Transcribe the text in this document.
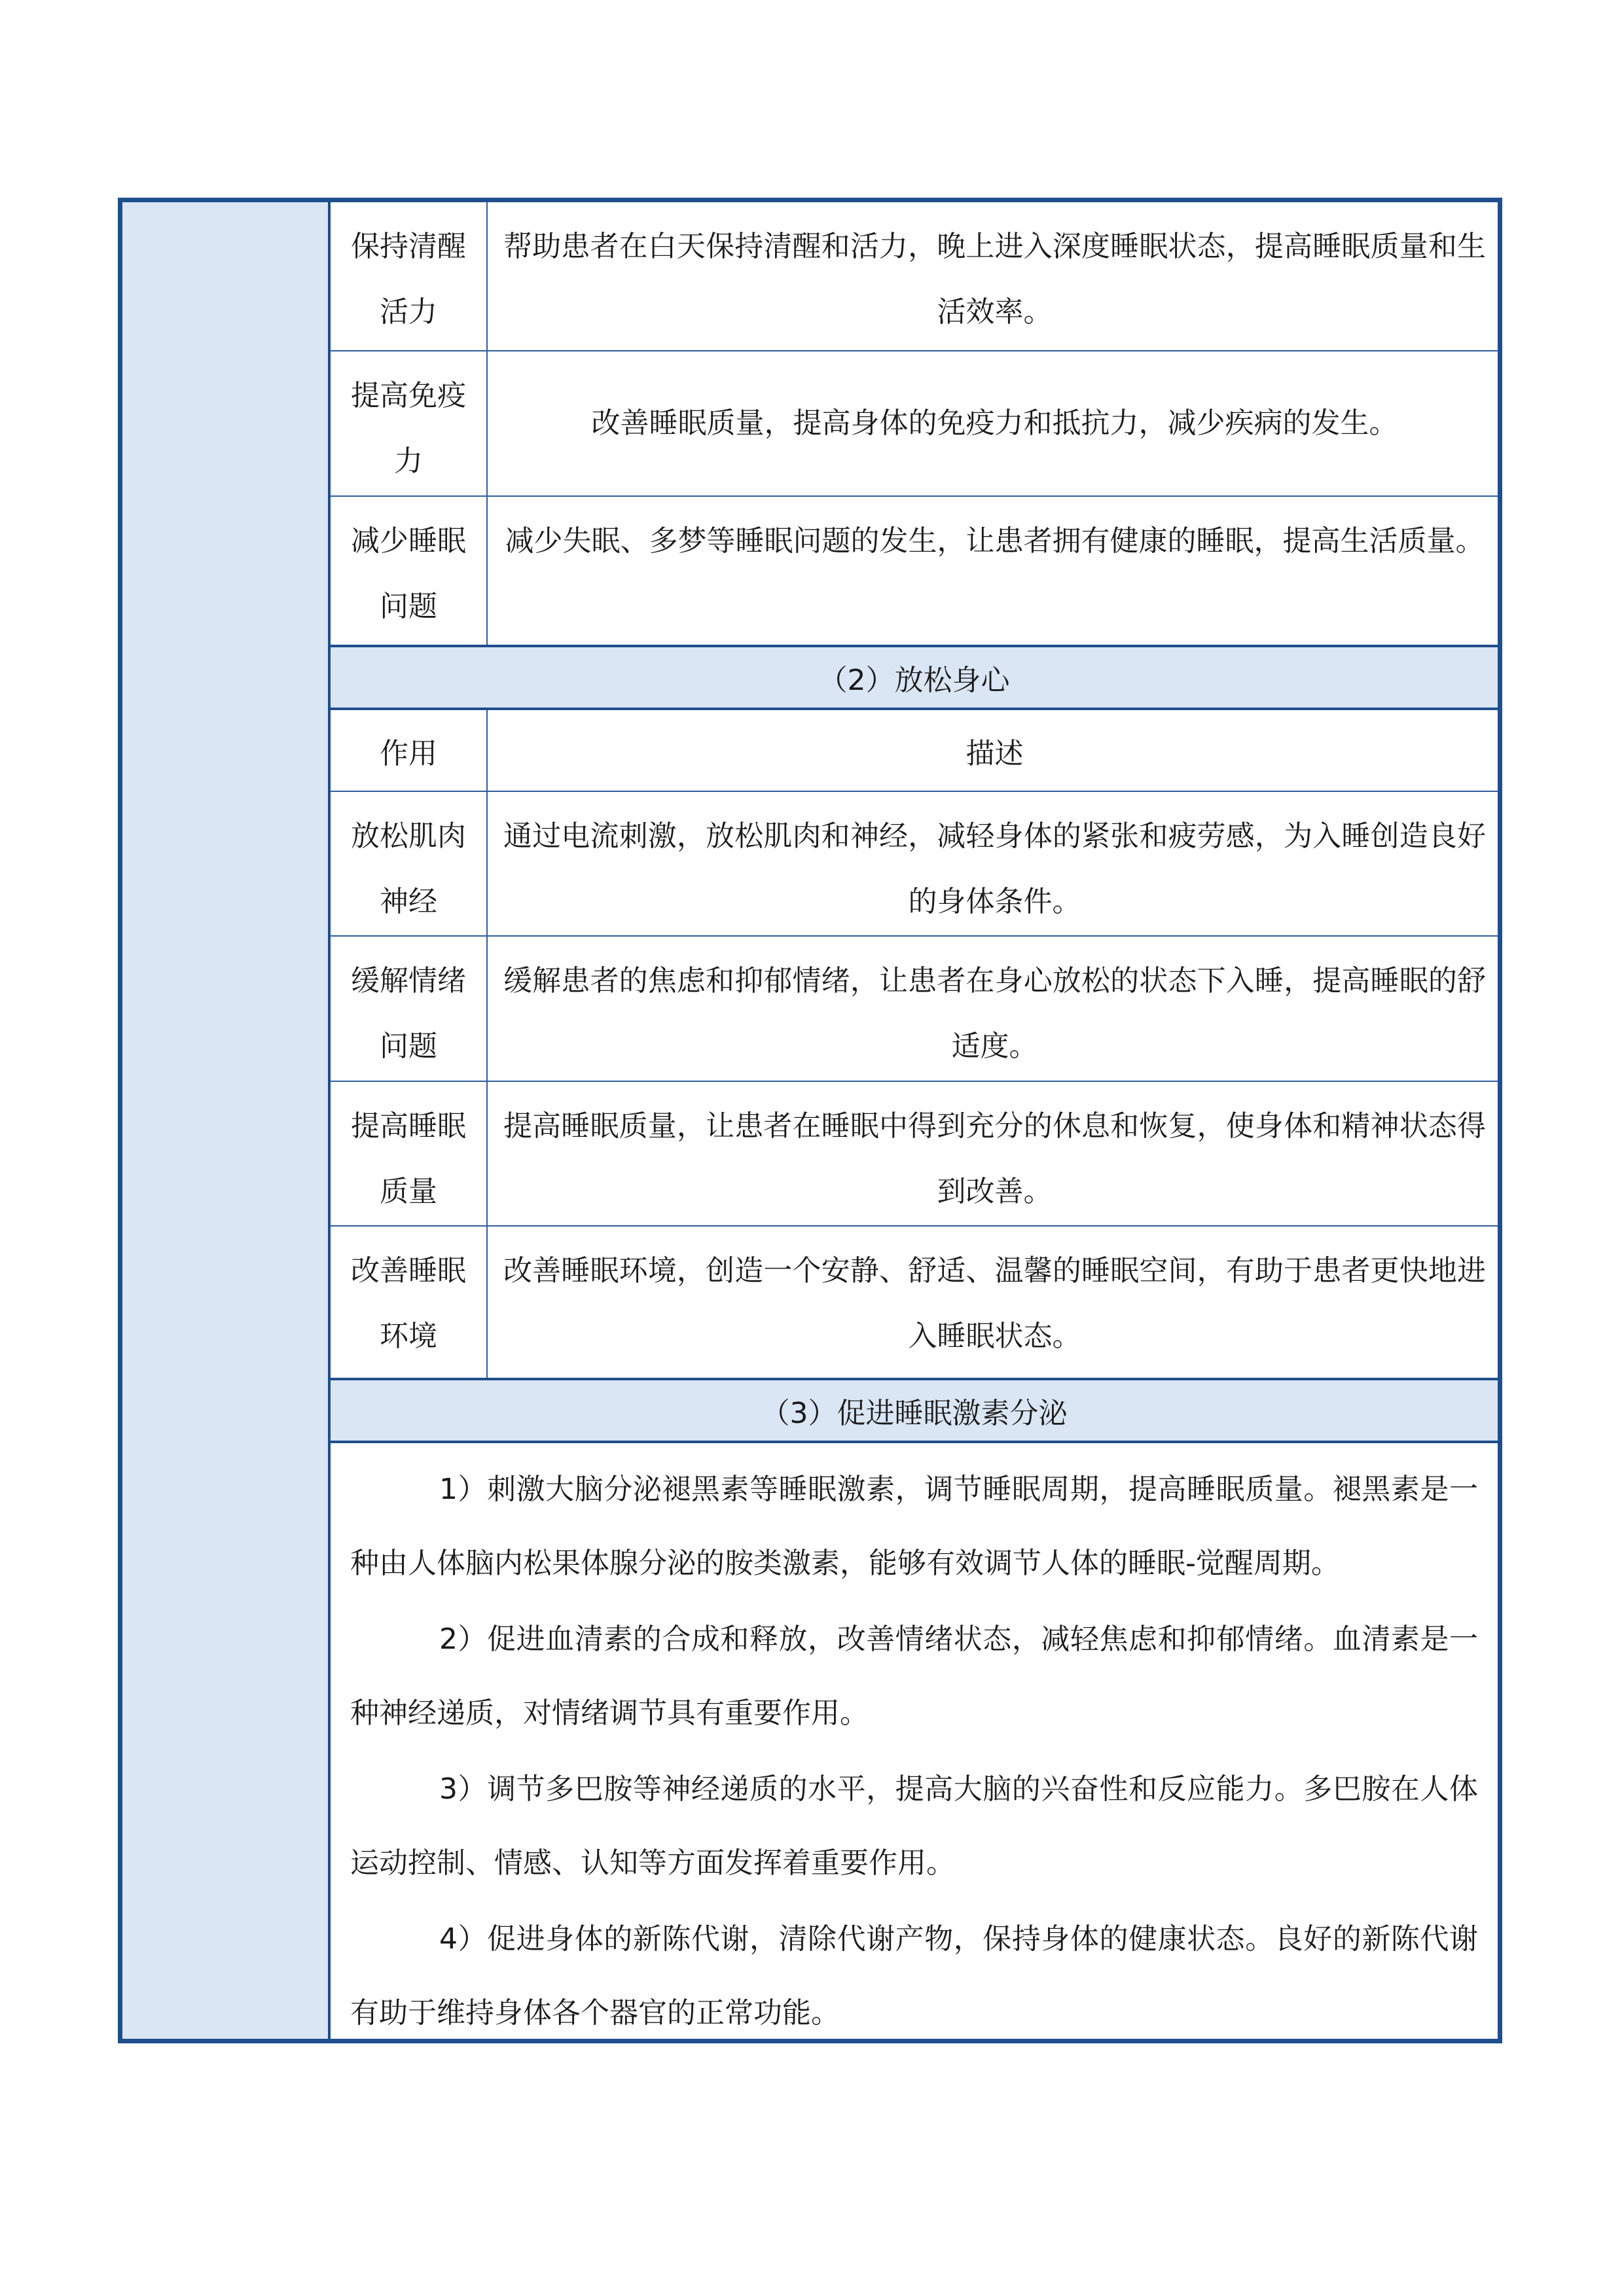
保持清醒活力
帮助患者在白天保持清醒和活力，晚上进入深度睡眠状态，提高睡眠质量和生活效率。
提高免疫力
改善睡眠质量，提高身体的免疫力和抵抗力，减少疾病的发生。
减少睡眠问题
减少失眠、多梦等睡眠问题的发生，让患者拥有健康的睡眠，提高生活质量。
（2）放松身心
作用	描述
放松肌肉神经
通过电流刺激，放松肌肉和神经，减轻身体的紧张和疲劳感，为入睡创造良好的身体条件。
缓解情绪问题
缓解患者的焦虑和抑郁情绪，让患者在身心放松的状态下入睡，提高睡眠的舒适度。
提高睡眠质量
提高睡眠质量，让患者在睡眠中得到充分的休息和恢复，使身体和精神状态得到改善。
改善睡眠环境
改善睡眠环境，创造一个安静、舒适、温馨的睡眠空间，有助于患者更快地进入睡眠状态。
（3）促进睡眠激素分泌

1）刺激大脑分泌褪黑素等睡眠激素，调节睡眠周期，提高睡眠质量。褪黑素是一种由人体脑内松果体腺分泌的胺类激素，能够有效调节人体的睡眠-觉醒周期。

2）促进血清素的合成和释放，改善情绪状态，减轻焦虑和抑郁情绪。血清素是一种神经递质，对情绪调节具有重要作用。

3）调节多巴胺等神经递质的水平，提高大脑的兴奋性和反应能力。多巴胺在人体运动控制、情感、认知等方面发挥着重要作用。

4）促进身体的新陈代谢，清除代谢产物，保持身体的健康状态。良好的新陈代谢有助于维持身体各个器官的正常功能。
